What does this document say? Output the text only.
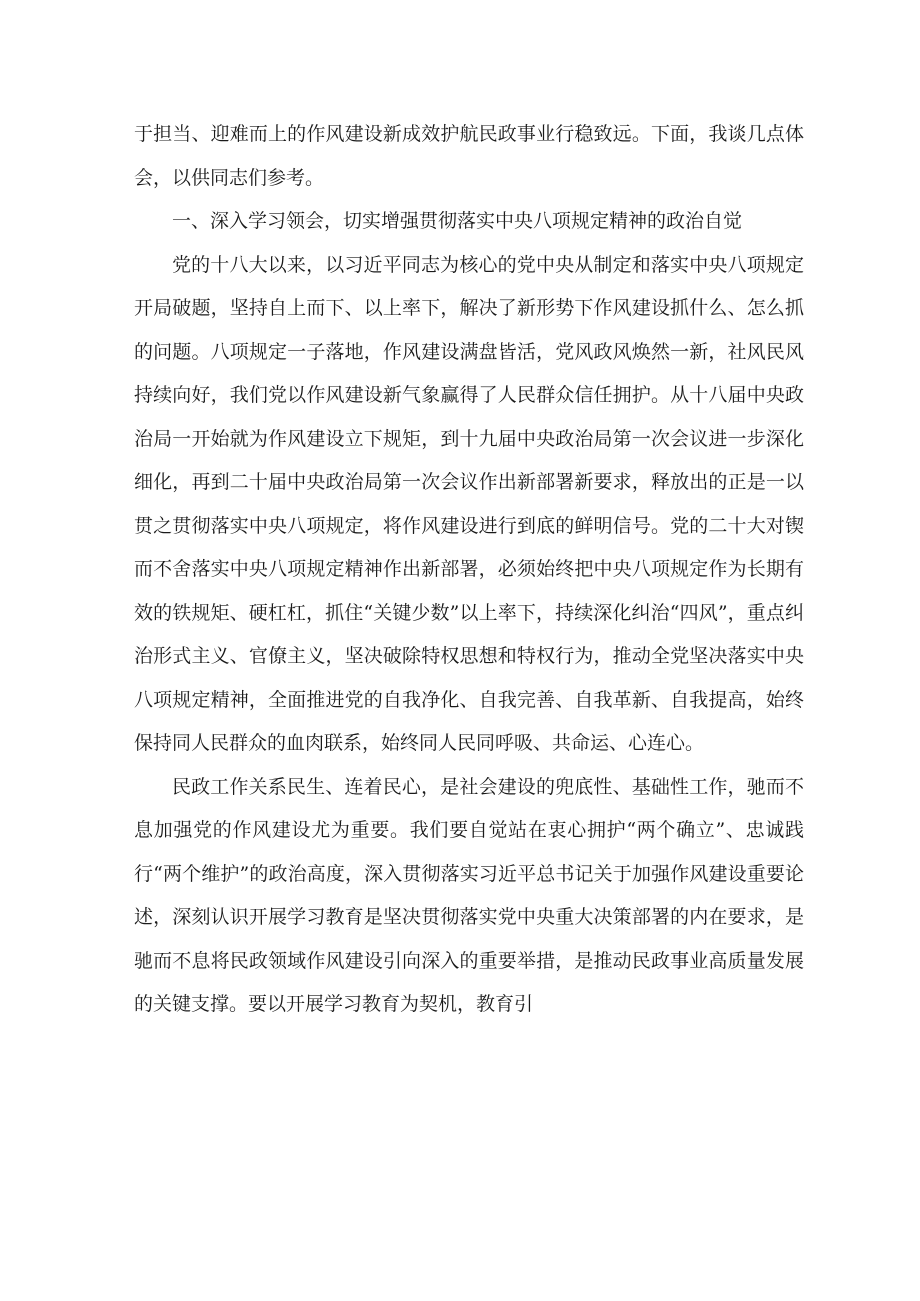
于担当、迎难而上的作风建设新成效护航民政事业行稳致远。下面，我谈几点体会，以供同志们参考。

一、深入学习领会，切实增强贯彻落实中央八项规定精神的政治自觉

党的十八大以来，以习近平同志为核心的党中央从制定和落实中央八项规定开局破题，坚持自上而下、以上率下，解决了新形势下作风建设抓什么、怎么抓的问题。八项规定一子落地，作风建设满盘皆活，党风政风焕然一新，社风民风持续向好，我们党以作风建设新气象赢得了人民群众信任拥护。从十八届中央政治局一开始就为作风建设立下规矩，到十九届中央政治局第一次会议进一步深化细化，再到二十届中央政治局第一次会议作出新部署新要求，释放出的正是一以贯之贯彻落实中央八项规定，将作风建设进行到底的鲜明信号。党的二十大对锲而不舍落实中央八项规定精神作出新部署，必须始终把中央八项规定作为长期有效的铁规矩、硬杠杠，抓住“关键少数”以上率下，持续深化纠治“四风”，重点纠治形式主义、官僚主义，坚决破除特权思想和特权行为，推动全党坚决落实中央八项规定精神，全面推进党的自我净化、自我完善、自我革新、自我提高，始终保持同人民群众的血肉联系，始终同人民同呼吸、共命运、心连心。

民政工作关系民生、连着民心，是社会建设的兜底性、基础性工作，驰而不息加强党的作风建设尤为重要。我们要自觉站在衷心拥护“两个确立”、忠诚践行“两个维护”的政治高度，深入贯彻落实习近平总书记关于加强作风建设重要论述，深刻认识开展学习教育是坚决贯彻落实党中央重大决策部署的内在要求，是驰而不息将民政领域作风建设引向深入的重要举措，是推动民政事业高质量发展的关键支撑。要以开展学习教育为契机，教育引
